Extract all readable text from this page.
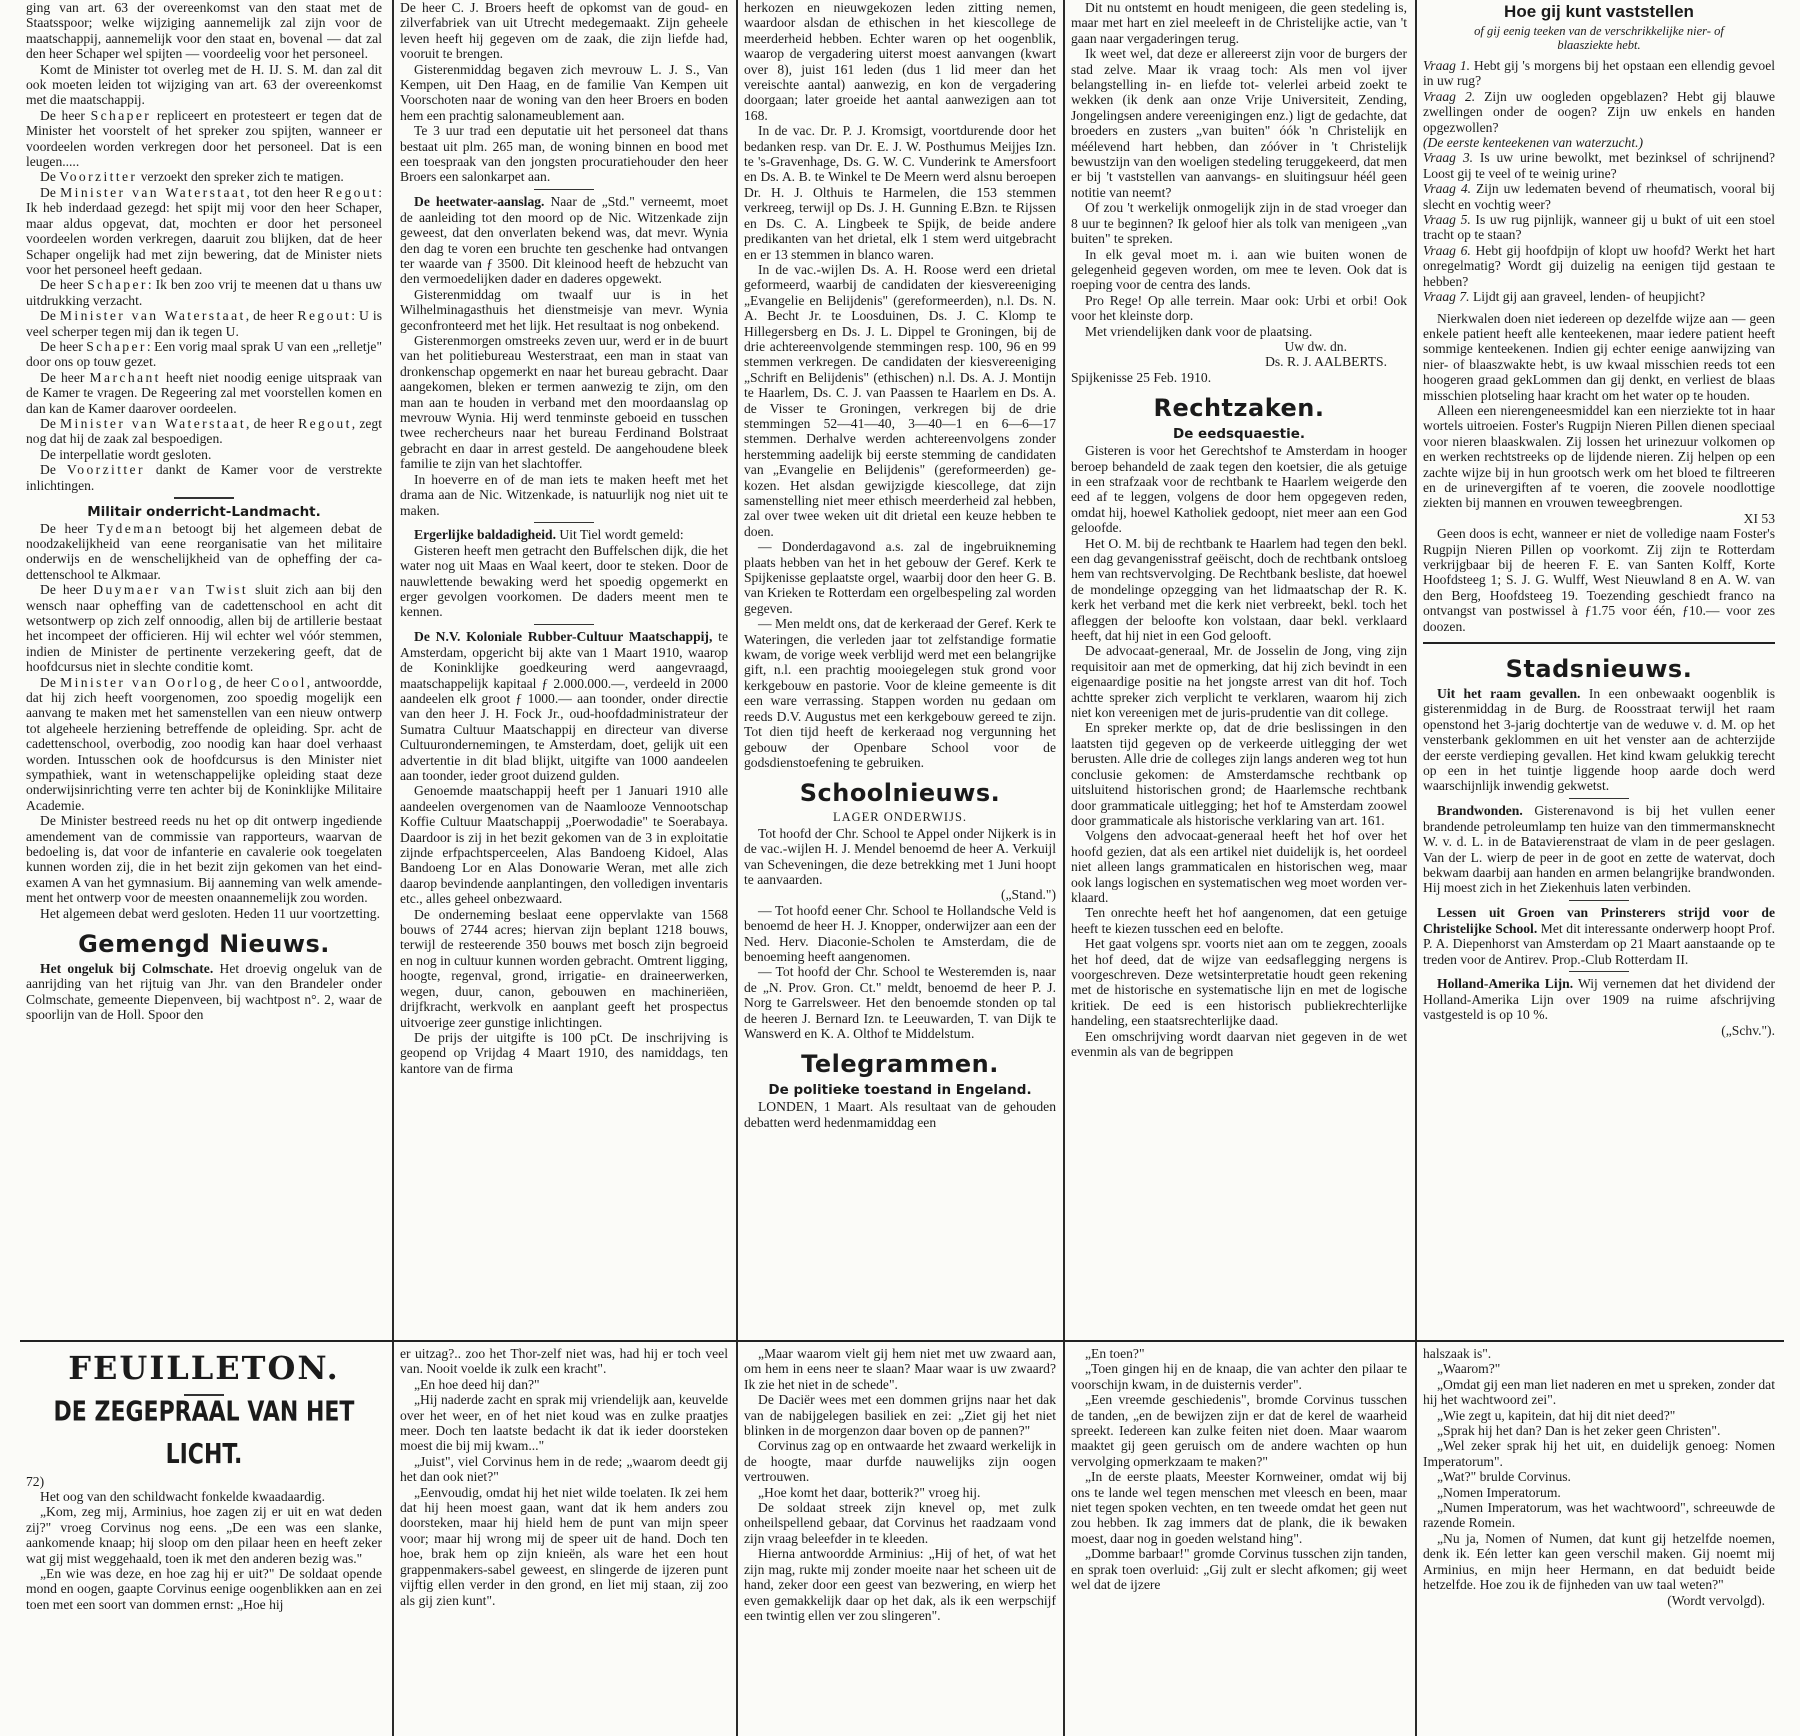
ging van art. 63 der overeenkomst van den staat met de Staatsspoor; welke wijziging aannemelijk zal zijn voor de maatschappij, aannemelijk voor den staat en, bovenal — dat zal den heer Schaper wel spijten — voordeelig voor het personeel.

Komt de Minister tot overleg met de H. IJ. S. M. dan zal dit ook moeten leiden tot wijziging van art. 63 der overeenkomst met die maatschappij.

De heer Schaper repliceert en protesteert er tegen dat de Minister het voorstelt of het spreker zou spijten, wanneer er voordeelen worden verkregen door het personeel. Dat is een leugen.....

De Voorzitter verzoekt den spreker zich te matigen.

De Minister van Waterstaat, tot den heer Regout: Ik heb inderdaad gezegd: het spijt mij voor den heer Schaper, maar aldus opgevat, dat, mochten er door het personeel voordeelen worden verkregen, daaruit zou blijken, dat de heer Schaper ongelijk had met zijn bewering, dat de Minister niets voor het personeel heeft gedaan.

De heer Schaper: Ik ben zoo vrij te meenen dat u thans uw uitdrukking verzacht.

De Minister van Waterstaat, de heer Regout: U is veel scherper tegen mij dan ik tegen U.

De heer Schaper: Een vorig maal sprak U van een „relletje" door ons op touw gezet.

De heer Marchant heeft niet noodig eenige uitspraak van de Kamer te vragen. De Regeering zal met voorstellen komen en dan kan de Kamer daarover oordeelen.

De Minister van Waterstaat, de heer Regout, zegt nog dat hij de zaak zal bespoedigen.

De interpellatie wordt gesloten.

De Voorzitter dankt de Kamer voor de verstrekte inlichtingen.

Militair onderricht-Landmacht.

De heer Tydeman betoogt bij het algemeen debat de noodzakelijkheid van eene reorganisatie van het militaire onderwijs en de wenschelijkheid van de opheffing der cadettenschool te Alkmaar.

De heer Duymaer van Twist sluit zich aan bij den wensch naar opheffing van de cadettenschool en acht dit wetsontwerp op zich zelf onnoodig, allen bij de artillerie bestaat het incompeet der officieren. Hij wil echter wel vóór stemmen, indien de Minister de pertinente verzekering geeft, dat de hoofdcursus niet in slechte conditie komt.

De Minister van Oorlog, de heer Cool, antwoordde, dat hij zich heeft voorgenomen, zoo spoedig mogelijk een aanvang te maken met het samenstellen van een nieuw ontwerp tot algeheele herziening betreffende de opleiding. Spr. acht de cadettenschool, overbodig, zoo noodig kan haar doel verhaast worden. Intusschen ook de hoofdcursus is den Minister niet sympathiek, want in wetenschappelijke opleiding staat deze onderwijsinrichting verre ten achter bij de Koninklijke Militaire Academie.

De Minister bestreed reeds nu het op dit ontwerp ingediende amendement van de commissie van rapporteurs, waarvan de bedoeling is, dat voor de infanterie en cavalerie ook toegelaten kunnen worden zij, die in het bezit zijn gekomen van het eind-examen A van het gymnasium. Bij aanneming van welk amendement het ontwerp voor de meesten onaannemelijk zou worden.

Het algemeen debat werd gesloten. Heden 11 uur voortzetting.

Gemengd Nieuws.

Het ongeluk bij Colmschate. Het droevig ongeluk van de aanrijding van het rijtuig van Jhr. van den Brandeler onder Colmschate, gemeente Diepenveen, bij wachtpost n°. 2, waar de spoorlijn van de Holl. Spoor den

FEUILLETON.
DE ZEGEPRAAL VAN HET LICHT.

72)

Het oog van den schildwacht fonkelde kwaadaardig.

„Kom, zeg mij, Arminius, hoe zagen zij er uit en wat deden zij?" vroeg Corvinus nog eens. „De een was een slanke, aankomende knaap; hij sloop om den pilaar heen en heeft zeker wat gij mist weggehaald, toen ik met den anderen bezig was."

„En wie was deze, en hoe zag hij er uit?" De soldaat opende mond en oogen, gaapte Corvinus eenige oogenblikken aan en zei toen met een soort van dommen ernst: „Hoe hij

De heer C. J. Broers heeft de opkomst van de goud- en zilverfabriek van uit Utrecht medegemaakt. Zijn geheele leven heeft hij gegeven om de zaak, die zijn liefde had, vooruit te brengen.

Gisterenmiddag begaven zich mevrouw L. J. S., Van Kempen, uit Den Haag, en de familie Van Kempen uit Voorschoten naar de woning van den heer Broers en boden hem een prachtig salonameublement aan.

Te 3 uur trad een deputatie uit het personeel dat thans bestaat uit plm. 265 man, de woning binnen en bood met een toespraak van den jongsten procuratiehouder den heer Broers een salonkarpet aan.

De heetwater-aanslag. Naar de „Std." verneemt, moet de aanleiding tot den moord op de Nic. Witzenkade zijn geweest, dat den onverlaten bekend was, dat mevr. Wynia den dag te voren een bruchte ten geschenke had ontvangen ter waarde van ƒ 3500. Dit kleinood heeft de hebzucht van den vermoedelijken dader en daderes opgewekt.

Gisterenmiddag om twaalf uur is in het Wilhelminagasthuis het dienstmeisje van mevr. Wynia geconfronteerd met het lijk. Het resultaat is nog onbekend.

Gisterenmorgen omstreeks zeven uur, werd er in de buurt van het politiebureau Westerstraat, een man in staat van dronkenschap opgemerkt en naar het bureau gebracht. Daar aangekomen, bleken er termen aanwezig te zijn, om den man aan te houden in verband met den moordaanslag op mevrouw Wynia. Hij werd tenminste geboeid en tusschen twee rechercheurs naar het bureau Ferdinand Bolstraat gebracht en daar in arrest gesteld. De aangehoudene bleek familie te zijn van het slachtoffer.

In hoeverre en of de man iets te maken heeft met het drama aan de Nic. Witzenkade, is natuurlijk nog niet uit te maken.

Ergerlijke baldadigheid. Uit Tiel wordt gemeld:

Gisteren heeft men getracht den Buffelschen dijk, die het water nog uit Maas en Waal keert, door te steken. Door de nauwlettende bewaking werd het spoedig opgemerkt en erger gevolgen voorkomen. De daders meent men te kennen.

De N.V. Koloniale Rubber-Cultuur Maatschappij, te Amsterdam, opgericht bij akte van 1 Maart 1910, waarop de Koninklijke goedkeuring werd aangevraagd, maatschappelijk kapitaal ƒ 2.000.000.—, verdeeld in 2000 aandeelen elk groot ƒ 1000.— aan toonder, onder directie van den heer J. H. Fock Jr., oud-hoofdadministrateur der Sumatra Cultuur Maatschappij en directeur van diverse Cultuurondernemingen, te Amsterdam, doet, gelijk uit een advertentie in dit blad blijkt, uitgifte van 1000 aandeelen aan toonder, ieder groot duizend gulden.

Genoemde maatschappij heeft per 1 Januari 1910 alle aandeelen overgenomen van de Naamlooze Vennootschap Koffie Cultuur Maatschappij „Poerwodadie" te Soerabaya. Daardoor is zij in het bezit gekomen van de 3 in exploitatie zijnde erfpachtsperceelen, Alas Bandoeng Kidoel, Alas Bandoeng Lor en Alas Donowarie Weran, met alle zich daarop bevindende aanplantingen, den volledigen inventaris etc., alles geheel onbezwaard.

De onderneming beslaat eene oppervlakte van 1568 bouws of 2744 acres; hiervan zijn beplant 1218 bouws, terwijl de resteerende 350 bouws met bosch zijn begroeid en nog in cultuur kunnen worden gebracht. Omtrent ligging, hoogte, regenval, grond, irrigatie- en draineerwerken, wegen, duur, canon, gebouwen en machineriëen, drijfkracht, werkvolk en aanplant geeft het prospectus uitvoerige zeer gunstige inlichtingen.

De prijs der uitgifte is 100 pCt. De inschrijving is geopend op Vrijdag 4 Maart 1910, des namiddags, ten kantore van de firma

er uitzag?.. zoo het Thor-zelf niet was, had hij er toch veel van. Nooit voelde ik zulk een kracht".

„En hoe deed hij dan?"

„Hij naderde zacht en sprak mij vriendelijk aan, keuvelde over het weer, en of het niet koud was en zulke praatjes meer. Doch ten laatste bedacht ik dat ik ieder doorsteken moest die bij mij kwam..."

„Juist", viel Corvinus hem in de rede; „waarom deedt gij het dan ook niet?"

„Eenvoudig, omdat hij het niet wilde toelaten. Ik zei hem dat hij heen moest gaan, want dat ik hem anders zou doorsteken, maar hij hield hem de punt van mijn speer voor; maar hij wrong mij de speer uit de hand. Doch ten hoe, brak hem op zijn knieën, als ware het een hout grappenmakers-sabel geweest, en slingerde de ijzeren punt vijftig ellen verder in den grond, en liet mij staan, zij zoo als gij zien kunt".

herkozen en nieuwgekozen leden zitting nemen, waardoor alsdan de ethischen in het kiescollege de meerderheid hebben. Echter waren op het oogenblik, waarop de vergadering uiterst moest aanvangen (kwart over 8), juist 161 leden (dus 1 lid meer dan het vereischte aantal) aanwezig, en kon de vergadering doorgaan; later groeide het aantal aanwezigen aan tot 168.

In de vac. Dr. P. J. Kromsigt, voortdurende door het bedanken resp. van Dr. E. J. W. Posthumus Meijjes Izn. te 's-Gravenhage, Ds. G. W. C. Vunderink te Amersfoort en Ds. A. B. te Winkel te De Meern werd alsnu beroepen Dr. H. J. Olthuis te Harmelen, die 153 stemmen verkreeg, terwijl op Ds. J. H. Gunning E.Bzn. te Rijssen en Ds. C. A. Lingbeek te Spijk, de beide andere predikanten van het drietal, elk 1 stem werd uitgebracht en er 13 stemmen in blanco waren.

In de vac.-wijlen Ds. A. H. Roose werd een drietal geformeerd, waarbij de candidaten der kiesvereeniging „Evangelie en Belijdenis" (gereformeerden), n.l. Ds. N. A. Becht Jr. te Loosduinen, Ds. J. C. Klomp te Hillegersberg en Ds. J. L. Dippel te Groningen, bij de drie achtereenvolgende stemmingen resp. 100, 96 en 99 stemmen verkregen. De candidaten der kiesvereeniging „Schrift en Belijdenis" (ethischen) n.l. Ds. A. J. Montijn te Haarlem, Ds. C. J. van Paassen te Haarlem en Ds. A. de Visser te Groningen, verkregen bij de drie stemmingen 52—41—40, 3—40—1 en 6—6—17 stemmen. Derhalve werden achtereenvolgens zonder herstemming aadelijk bij eerste stemming de candidaten van „Evangelie en Belijdenis" (gereformeerden) gekozen. Het alsdan gewijzigde kiescollege, dat zijn samenstelling niet meer ethisch meerderheid zal hebben, zal over twee weken uit dit drietal een keuze hebben te doen.

— Donderdagavond a.s. zal de ingebruikneming plaats hebben van het in het gebouw der Geref. Kerk te Spijkenisse geplaatste orgel, waarbij door den heer G. B. van Krieken te Rotterdam een orgelbespeling zal worden gegeven.

— Men meldt ons, dat de kerkeraad der Geref. Kerk te Wateringen, die verleden jaar tot zelfstandige formatie kwam, de vorige week verblijd werd met een belangrijke gift, n.l. een prachtig mooiegelegen stuk grond voor kerkgebouw en pastorie. Voor de kleine gemeente is dit een ware verrassing. Stappen worden nu gedaan om reeds D.V. Augustus met een kerkgebouw gereed te zijn. Tot dien tijd heeft de kerkeraad nog vergunning het gebouw der Openbare School voor de godsdienstoefening te gebruiken.

Schoolnieuws.
LAGER ONDERWIJS.

Tot hoofd der Chr. School te Appel onder Nijkerk is in de vac.-wijlen H. J. Mendel benoemd de heer A. Verkuijl van Scheveningen, die deze betrekking met 1 Juni hoopt te aanvaarden.

(„Stand.")

— Tot hoofd eener Chr. School te Hollandsche Veld is benoemd de heer H. J. Knopper, onderwijzer aan een der Ned. Herv. Diaconie-Scholen te Amsterdam, die de benoeming heeft aangenomen.

— Tot hoofd der Chr. School te Westeremden is, naar de „N. Prov. Gron. Ct." meldt, benoemd de heer P. J. Norg te Garrelsweer. Het den benoemde stonden op tal de heeren J. Bernard Izn. te Leeuwarden, T. van Dijk te Wanswerd en K. A. Olthof te Middelstum.

Telegrammen.
De politieke toestand in Engeland.

LONDEN, 1 Maart. Als resultaat van de gehouden debatten werd hedenmamiddag een

„Maar waarom vielt gij hem niet met uw zwaard aan, om hem in eens neer te slaan? Maar waar is uw zwaard? Ik zie het niet in de schede".

De Daciër wees met een dommen grijns naar het dak van de nabijgelegen basiliek en zei: „Ziet gij het niet blinken in de morgenzon daar boven op de pannen?"

Corvinus zag op en ontwaarde het zwaard werkelijk in de hoogte, maar durfde nauwelijks zijn oogen vertrouwen.

„Hoe komt het daar, botterik?" vroeg hij.

De soldaat streek zijn knevel op, met zulk onheilspellend gebaar, dat Corvinus het raadzaam vond zijn vraag beleefder in te kleeden.

Hierna antwoordde Arminius: „Hij of het, of wat het zijn mag, rukte mij zonder moeite naar het scheen uit de hand, zeker door een geest van bezwering, en wierp het even gemakkelijk daar op het dak, als ik een werpschijf een twintig ellen ver zou slingeren".

Dit nu ontstemt en houdt menigeen, die geen stedeling is, maar met hart en ziel meeleeft in de Christelijke actie, van 't gaan naar vergaderingen terug.

Ik weet wel, dat deze er allereerst zijn voor de burgers der stad zelve. Maar ik vraag toch: Als men vol ijver belangstelling in- en liefde tot- velerlei arbeid zoekt te wekken (ik denk aan onze Vrije Universiteit, Zending, Jongelingsen andere vereenigingen enz.) ligt de gedachte, dat broeders en zusters „van buiten" óók 'n Christelijk en méélevend hart hebben, dan zóóver in 't Christelijk bewustzijn van den woeligen stedeling teruggekeerd, dat men er bij 't vaststellen van aanvangs- en sluitingsuur héél geen notitie van neemt?

Of zou 't werkelijk onmogelijk zijn in de stad vroeger dan 8 uur te beginnen? Ik geloof hier als tolk van menigeen „van buiten" te spreken.

In elk geval moet m. i. aan wie buiten wonen de gelegenheid gegeven worden, om mee te leven. Ook dat is roeping voor de centra des lands.

Pro Rege! Op alle terrein. Maar ook: Urbi et orbi! Ook voor het kleinste dorp.

Met vriendelijken dank voor de plaatsing.

Uw dw. dn.
Ds. R. J. AALBERTS.

Spijkenisse 25 Feb. 1910.

Rechtzaken.
De eedsquaestie.

Gisteren is voor het Gerechtshof te Amsterdam in hooger beroep behandeld de zaak tegen den koetsier, die als getuige in een strafzaak voor de rechtbank te Haarlem weigerde den eed af te leggen, volgens de door hem opgegeven reden, omdat hij, hoewel Katholiek gedoopt, niet meer aan een God geloofde.

Het O. M. bij de rechtbank te Haarlem had tegen den bekl. een dag gevangenisstraf geëischt, doch de rechtbank ontsloeg hem van rechtsvervolging. De Rechtbank besliste, dat hoewel de mondelinge opzegging van het lidmaatschap der R. K. kerk het verband met die kerk niet verbreekt, bekl. toch het afleggen der beloofte kon volstaan, daar bekl. verklaard heeft, dat hij niet in een God gelooft.

De advocaat-generaal, Mr. de Josselin de Jong, ving zijn requisitoir aan met de opmerking, dat hij zich bevindt in een eigenaardige positie na het jongste arrest van dit hof. Toch achtte spreker zich verplicht te verklaren, waarom hij zich niet kon vereenigen met de juris-prudentie van dit college.

En spreker merkte op, dat de drie beslissingen in den laatsten tijd gegeven op de verkeerde uitlegging der wet berusten. Alle drie de colleges zijn langs anderen weg tot hun conclusie gekomen: de Amsterdamsche rechtbank op uitsluitend historischen grond; de Haarlemsche rechtbank door grammaticale uitlegging; het hof te Amsterdam zoowel door grammaticale als historische verklaring van art. 161.

Volgens den advocaat-generaal heeft het hof over het hoofd gezien, dat als een artikel niet duidelijk is, het oordeel niet alleen langs grammaticalen en historischen weg, maar ook langs logischen en systematischen weg moet worden verklaard.

Ten onrechte heeft het hof aangenomen, dat een getuige heeft te kiezen tusschen eed en belofte.

Het gaat volgens spr. voorts niet aan om te zeggen, zooals het hof deed, dat de wijze van eedsaflegging nergens is voorgeschreven. Deze wetsinterpretatie houdt geen rekening met de historische en systematische lijn en met de logische kritiek. De eed is een historisch publiekrechterlijke handeling, een staatsrechterlijke daad.

Een omschrijving wordt daarvan niet gegeven in de wet evenmin als van de begrippen

„En toen?"

„Toen gingen hij en de knaap, die van achter den pilaar te voorschijn kwam, in de duisternis verder".

„Een vreemde geschiedenis", bromde Corvinus tusschen de tanden, „en de bewijzen zijn er dat de kerel de waarheid spreekt. Iedereen kan zulke feiten niet doen. Maar waarom maaktet gij geen geruisch om de andere wachten op hun vervolging opmerkzaam te maken?"

„In de eerste plaats, Meester Kornweiner, omdat wij bij ons te lande wel tegen menschen met vleesch en been, maar niet tegen spoken vechten, en ten tweede omdat het geen nut zou hebben. Ik zag immers dat de plank, die ik bewaken moest, daar nog in goeden welstand hing".

„Domme barbaar!" gromde Corvinus tusschen zijn tanden, en sprak toen overluid: „Gij zult er slecht afkomen; gij weet wel dat de ijzere

Hoe gij kunt vaststellen
of gij eenig teeken van de verschrikkelijke nier- of blaasziekte hebt.

Vraag 1. Hebt gij 's morgens bij het opstaan een ellendig gevoel in uw rug?

Vraag 2. Zijn uw oogleden opgeblazen? Hebt gij blauwe zwellingen onder de oogen? Zijn uw enkels en handen opgezwollen?

(De eerste kenteekenen van waterzucht.)

Vraag 3. Is uw urine bewolkt, met bezinksel of schrijnend? Loost gij te veel of te weinig urine?

Vraag 4. Zijn uw ledematen bevend of rheumatisch, vooral bij slecht en vochtig weer?

Vraag 5. Is uw rug pijnlijk, wanneer gij u bukt of uit een stoel tracht op te staan?

Vraag 6. Hebt gij hoofdpijn of klopt uw hoofd? Werkt het hart onregelmatig? Wordt gij duizelig na eenigen tijd gestaan te hebben?

Vraag 7. Lijdt gij aan graveel, lenden- of heupjicht?

Nierkwalen doen niet iedereen op dezelfde wijze aan — geen enkele patient heeft alle kenteekenen, maar iedere patient heeft sommige kenteekenen. Indien gij echter eenige aanwijzing van nier- of blaaszwakte hebt, is uw kwaal misschien reeds tot een hoogeren graad gekLommen dan gij denkt, en verliest de blaas misschien plotseling haar kracht om het water op te houden.

Alleen een nierengeneesmiddel kan een nierziekte tot in haar wortels uitroeien. Foster's Rugpijn Nieren Pillen dienen speciaal voor nieren blaaskwalen. Zij lossen het urinezuur volkomen op en werken rechtstreeks op de lijdende nieren. Zij helpen op een zachte wijze bij in hun grootsch werk om het bloed te filtreeren en de urinevergiften af te voeren, die zoovele noodlottige ziekten bij mannen en vrouwen teweegbrengen.

XI 53

Geen doos is echt, wanneer er niet de volledige naam Foster's Rugpijn Nieren Pillen op voorkomt. Zij zijn te Rotterdam verkrijgbaar bij de heeren F. E. van Santen Kolff, Korte Hoofdsteeg 1; S. J. G. Wulff, West Nieuwland 8 en A. W. van den Berg, Hoofdsteeg 19. Toezending geschiedt franco na ontvangst van postwissel à ƒ1.75 voor één, ƒ10.— voor zes doozen.

Stadsnieuws.

Uit het raam gevallen. In een onbewaakt oogenblik is gisterenmiddag in de Burg. de Roosstraat terwijl het raam openstond het 3-jarig dochtertje van de weduwe v. d. M. op het vensterbank geklommen en uit het venster aan de achterzijde der eerste verdieping gevallen. Het kind kwam gelukkig terecht op een in het tuintje liggende hoop aarde doch werd waarschijnlijk inwendig gekwetst.

Brandwonden. Gisterenavond is bij het vullen eener brandende petroleumlamp ten huize van den timmermansknecht W. v. d. L. in de Batavierenstraat de vlam in de peer geslagen. Van der L. wierp de peer in de goot en zette de watervat, doch bekwam daarbij aan handen en armen belangrijke brandwonden. Hij moest zich in het Ziekenhuis laten verbinden.

Lessen uit Groen van Prinsterers strijd voor de Christelijke School. Met dit interessante onderwerp hoopt Prof. P. A. Diepenhorst van Amsterdam op 21 Maart aanstaande op te treden voor de Antirev. Prop.-Club Rotterdam II.

Holland-Amerika Lijn. Wij vernemen dat het dividend der Holland-Amerika Lijn over 1909 na ruime afschrijving vastgesteld is op 10 %.

(„Schv.").

halszaak is".

„Waarom?"

„Omdat gij een man liet naderen en met u spreken, zonder dat hij het wachtwoord zei".

„Wie zegt u, kapitein, dat hij dit niet deed?"

„Sprak hij het dan? Dan is het zeker geen Christen".

„Wel zeker sprak hij het uit, en duidelijk genoeg: Nomen Imperatorum".

„Wat?" brulde Corvinus.

„Nomen Imperatorum.

„Numen Imperatorum, was het wachtwoord", schreeuwde de razende Romein.

„Nu ja, Nomen of Numen, dat kunt gij hetzelfde noemen, denk ik. Eén letter kan geen verschil maken. Gij noemt mij Arminius, en mijn heer Hermann, en dat beduidt beide hetzelfde. Hoe zou ik de fijnheden van uw taal weten?"

(Wordt vervolgd).
